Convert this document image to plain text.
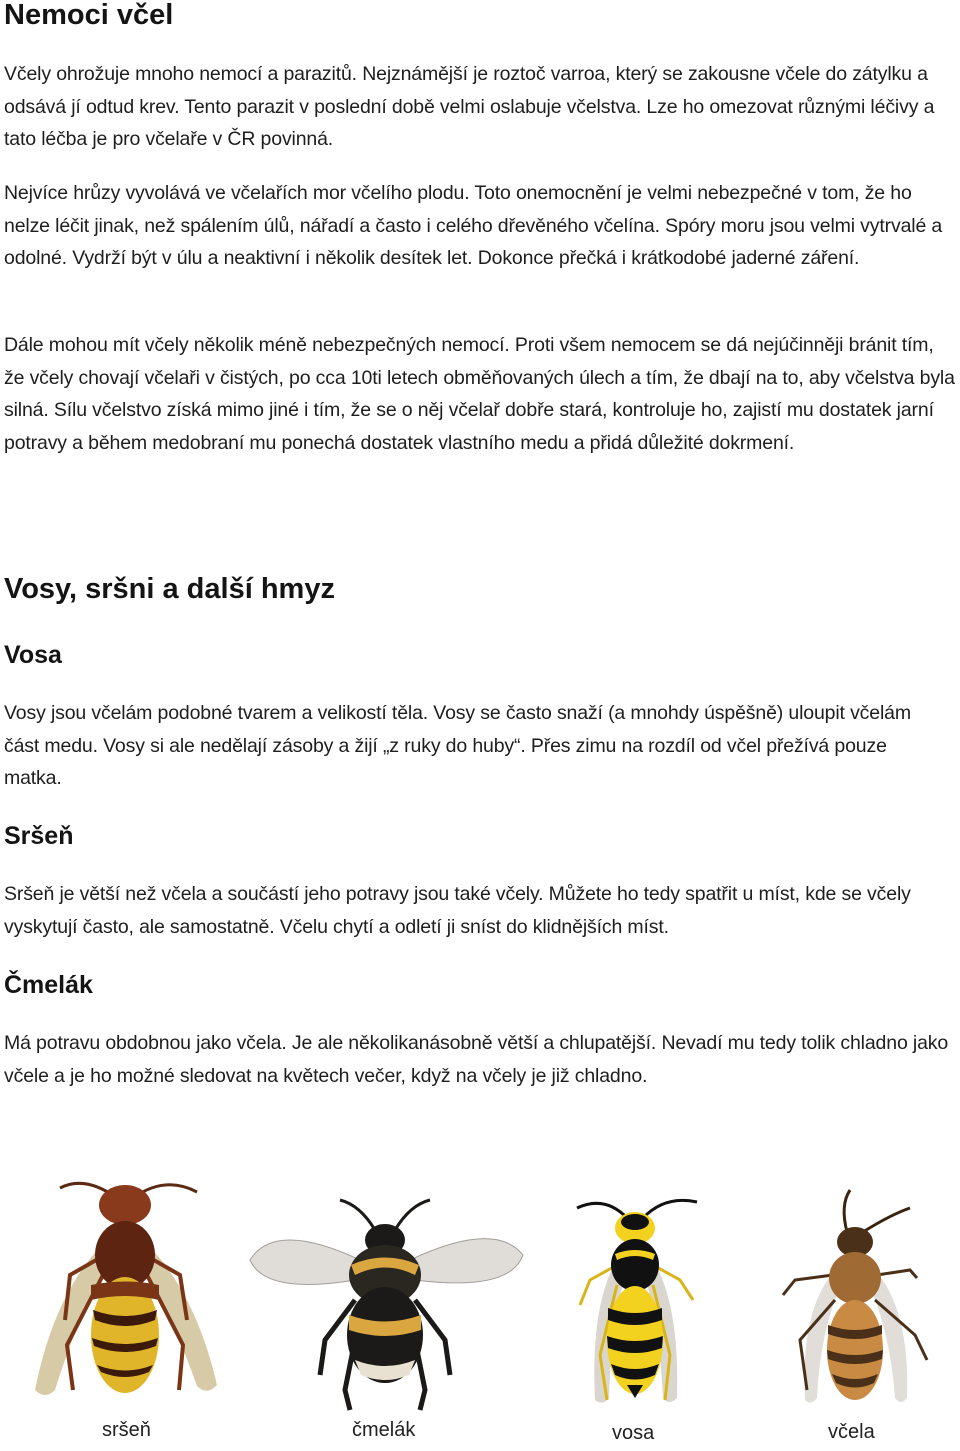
Nemoci včel

Včely ohrožuje mnoho nemocí a parazitů. Nejznámější je roztoč varroa, který se zakousne včele do zátylku a odsává jí odtud krev. Tento parazit v poslední době velmi oslabuje včelstva. Lze ho omezovat různými léčivy a tato léčba je pro včelaře v ČR povinná.

Nejvíce hrůzy vyvolává ve včelařích mor včelího plodu. Toto onemocnění je velmi nebezpečné v tom, že ho nelze léčit jinak, než spálením úlů, nářadí a často i celého dřevěného včelína. Spóry moru jsou velmi vytrvalé a odolné. Vydrží být v úlu a neaktivní i několik desítek let. Dokonce přečká i krátkodobé jaderné záření.

Dále mohou mít včely několik méně nebezpečných nemocí. Proti všem nemocem se dá nejúčinněji bránit tím, že včely chovají včelaři v čistých, po cca 10ti letech obměňovaných úlech a tím, že dbají na to, aby včelstva byla silná. Sílu včelstvo získá mimo jiné i tím, že se o něj včelař dobře stará, kontroluje ho, zajistí mu dostatek jarní potravy a během medobraní mu ponechá dostatek vlastního medu a přidá důležité dokrmení.

Vosy, sršni a další hmyz
Vosa

Vosy jsou včelám podobné tvarem a velikostí těla. Vosy se často snaží (a mnohdy úspěšně) uloupit včelám část medu. Vosy si ale nedělají zásoby a žijí „z ruky do huby“. Přes zimu na rozdíl od včel přežívá pouze matka.

Sršeň

Sršeň je větší než včela a součástí jeho potravy jsou také včely. Můžete ho tedy spatřit u míst, kde se včely vyskytují často, ale samostatně. Včelu chytí a odletí ji sníst do klidnějších míst.

Čmelák

Má potravu obdobnou jako včela. Je ale několikanásobně větší a chlupatější. Nevadí mu tedy tolik chladno jako včele a je ho možné sledovat na květech večer, když na včely je již chladno.

sršeň	čmelák	vosa	včela
